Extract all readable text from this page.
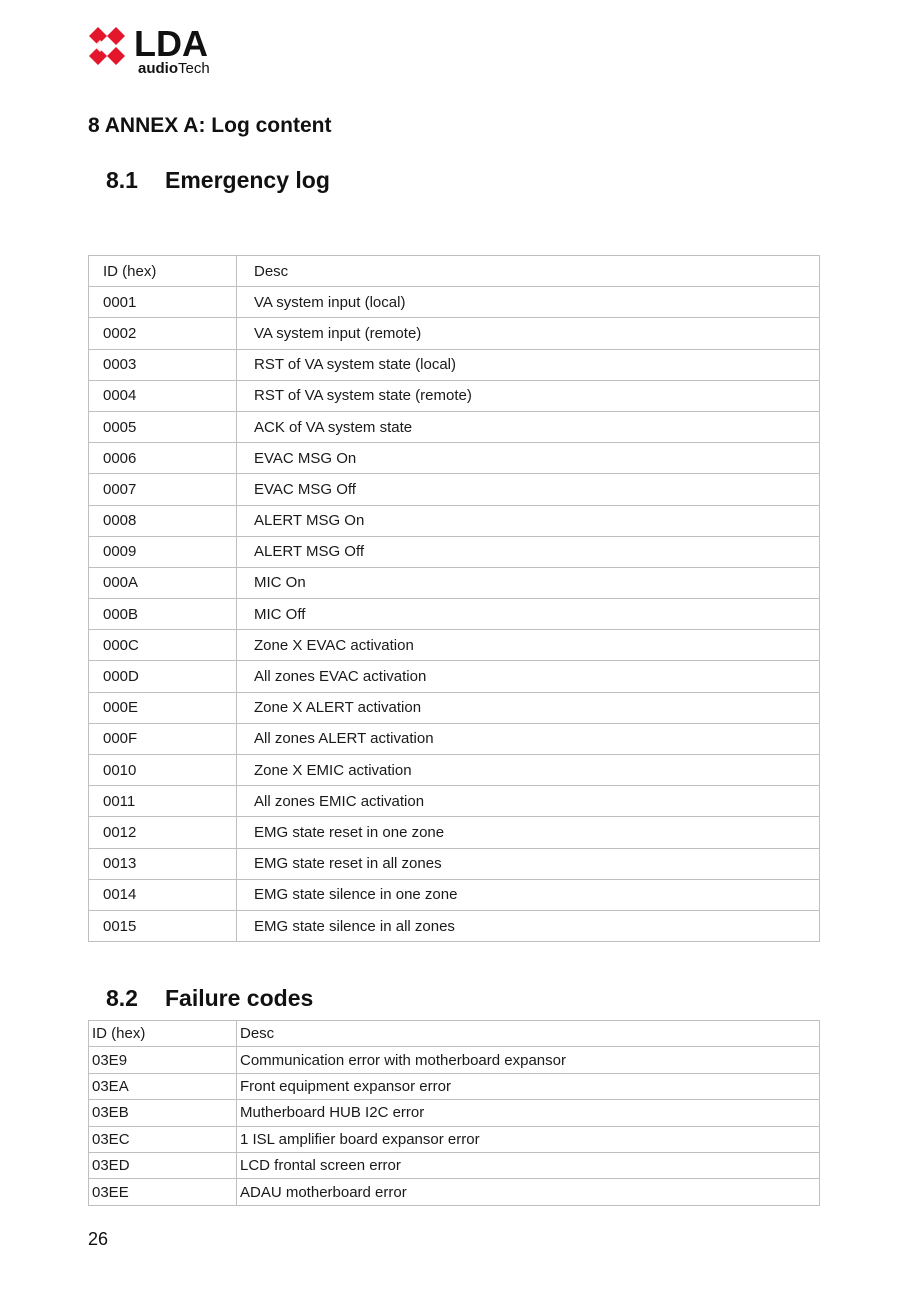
LDA
audioTech
8 ANNEX A: Log content
8.1 Emergency log
ID (hex)	Desc
0001	VA system input (local)
0002	VA system input (remote)
0003	RST of VA system state (local)
0004	RST of VA system state (remote)
0005	ACK of VA system state
0006	EVAC MSG On
0007	EVAC MSG Off
0008	ALERT MSG On
0009	ALERT MSG Off
000A	MIC On
000B	MIC Off
000C	Zone X EVAC activation
000D	All zones EVAC activation
000E	Zone X ALERT activation
000F	All zones ALERT activation
0010	Zone X EMIC activation
0011	All zones EMIC activation
0012	EMG state reset in one zone
0013	EMG state reset in all zones
0014	EMG state silence in one zone
0015	EMG state silence in all zones
8.2 Failure codes
ID (hex)	Desc
03E9	Communication error with motherboard expansor
03EA	Front equipment expansor error
03EB	Mutherboard HUB I2C error
03EC	1 ISL amplifier board expansor error
03ED	LCD frontal screen error
03EE	ADAU motherboard error
26
